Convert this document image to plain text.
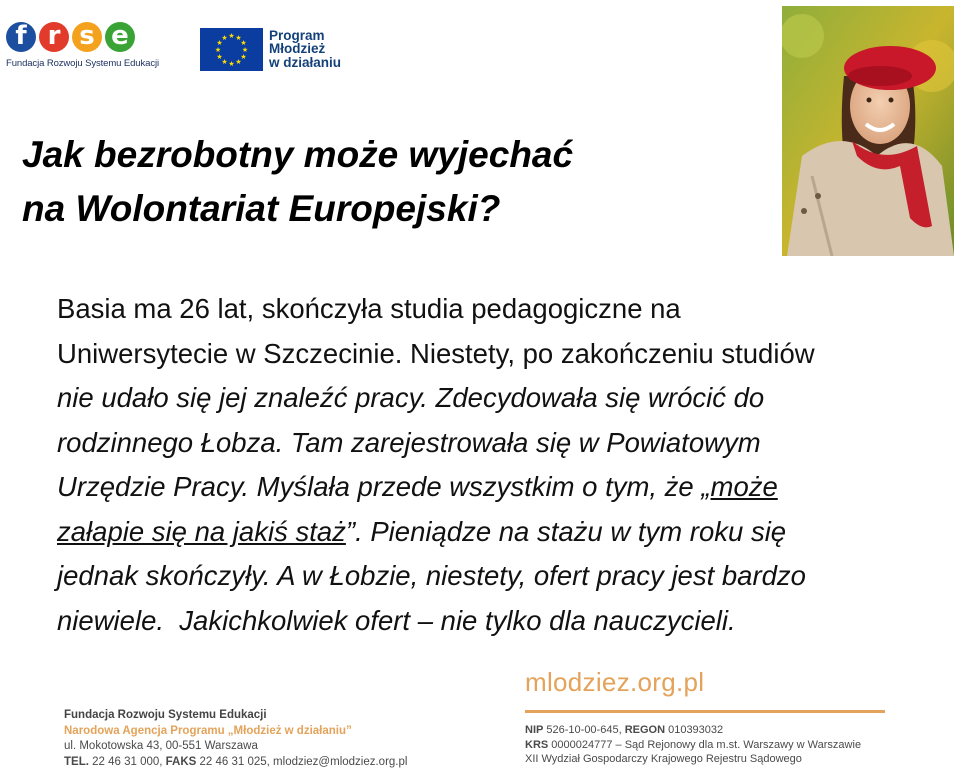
f r s e
Fundacja Rozwoju Systemu Edukacji
★ ★
★
★
★
★
★
★
★
★
★
★	Program
Młodzież
w działaniu
Jak bezrobotny może wyjechać
na Wolontariat Europejski?
Basia ma 26 lat, skończyła studia pedagogiczne na
Uniwersytecie w Szczecinie. Niestety, po zakończeniu studiów
nie udało się jej znaleźć pracy. Zdecydowała się wrócić do
rodzinnego Łobza. Tam zarejestrowała się w Powiatowym
Urzędzie Pracy. Myślała przede wszystkim o tym, że „może
załapie się na jakiś staż”. Pieniądze na stażu w tym roku się
jednak skończyły. A w Łobzie, niestety, ofert pracy jest bardzo
niewiele.  Jakichkolwiek ofert – nie tylko dla nauczycieli.
mlodziez.org.pl
Fundacja Rozwoju Systemu Edukacji
Narodowa Agencja Programu „Młodzież w działaniu”
ul. Mokotowska 43, 00-551 Warszawa
TEL. 22 46 31 000, FAKS 22 46 31 025, mlodziez@mlodziez.org.pl
NIP 526-10-00-645, REGON 010393032
KRS 0000024777 – Sąd Rejonowy dla m.st. Warszawy w Warszawie
XII Wydział Gospodarczy Krajowego Rejestru Sądowego
